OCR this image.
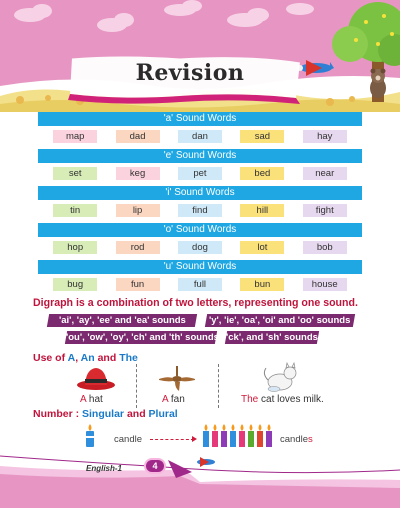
Revision
'a' Sound Words
map	dad	dan	sad	hay
'e' Sound Words
set	keg	pet	bed	near
'i' Sound Words
tin	lip	find	hill	fight
'o' Sound Words
hop	rod	dog	lot	bob
'u' Sound Words
bug	fun	full	bun	house
Digraph is a combination of two letters, representing one sound.
'ai', 'ay', 'ee' and 'ea' sounds	'y', 'ie', 'oa', 'oi' and 'oo' sounds
'ou', 'ow', 'oy', 'ch' and 'th' sounds 'ck', and 'sh' sounds
Use of A, An and The
A hat	A fan	The cat loves milk.
Number : Singular and Plural
candle	candles
English-1	4
